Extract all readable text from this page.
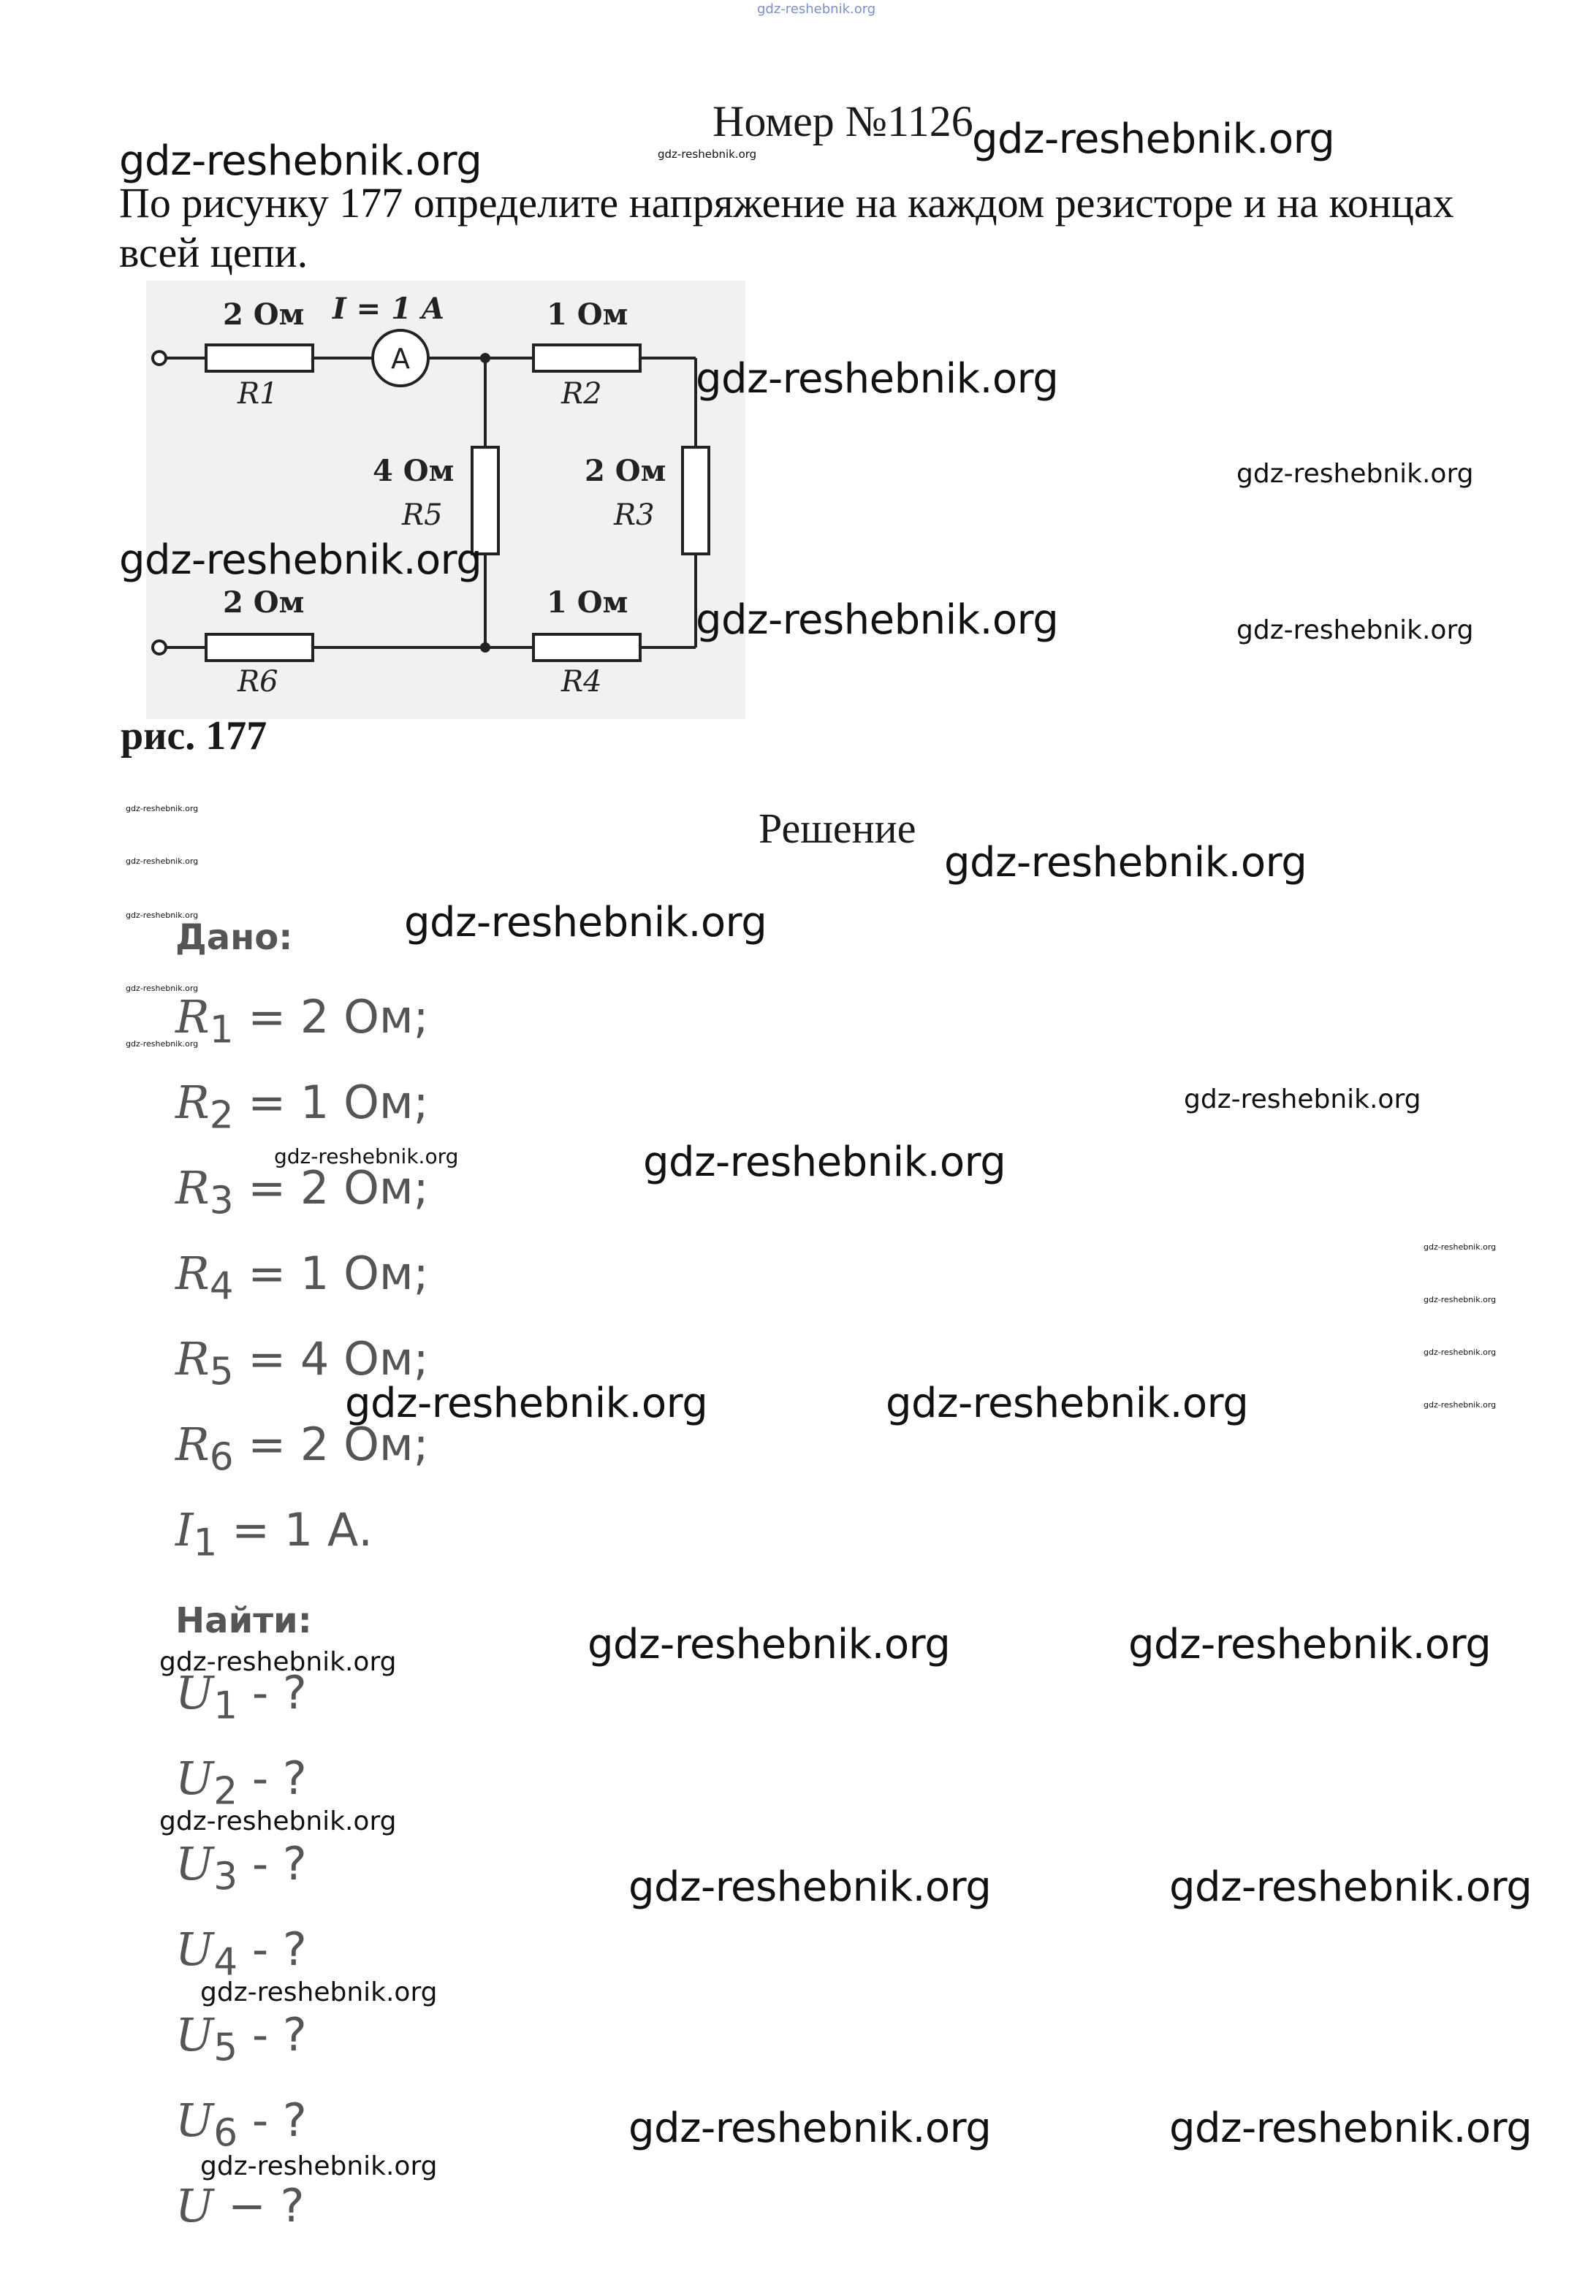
gdz-reshebnik.org
Номер №1126
По рисунку 177 определите напряжение на каждом резисторе и на концах
всей цепи.
A
I = 1 A
2 Ом
R1
1 Ом
R2
2 Ом
R3
4 Ом
R5
2 Ом
R6
1 Ом
R4
рис. 177
Решение
Дано:
$R_1 = 2$ Ом;
$R_2 = 1$ Ом;
$R_3 = 2$ Ом;
$R_4 = 1$ Ом;
$R_5 = 4$ Ом;
$R_6 = 2$ Ом;
$I_1 = 1$ А.
Найти:
$U_1$ - ?
$U_2$ - ?
$U_3$ - ?
$U_4$ - ?
$U_5$ - ?
$U_6$ - ?
U − ?
gdz-reshebnik.org
gdz-reshebnik.org
gdz-reshebnik.org
gdz-reshebnik.org
gdz-reshebnik.org
gdz-reshebnik.org
gdz-reshebnik.org
gdz-reshebnik.org
gdz-reshebnik.org	gdz-reshebnik.org
gdz-reshebnik.org	gdz-reshebnik.org
gdz-reshebnik.org	gdz-reshebnik.org
gdz-reshebnik.org	gdz-reshebnik.org
gdz-reshebnik.org
gdz-reshebnik.org
gdz-reshebnik.org
gdz-reshebnik.org
gdz-reshebnik.org
gdz-reshebnik.org
gdz-reshebnik.org
gdz-reshebnik.org
gdz-reshebnik.org
gdz-reshebnik.org
gdz-reshebnik.org
gdz-reshebnik.org
gdz-reshebnik.org
gdz-reshebnik.org
gdz-reshebnik.org
gdz-reshebnik.org
gdz-reshebnik.org
gdz-reshebnik.org
